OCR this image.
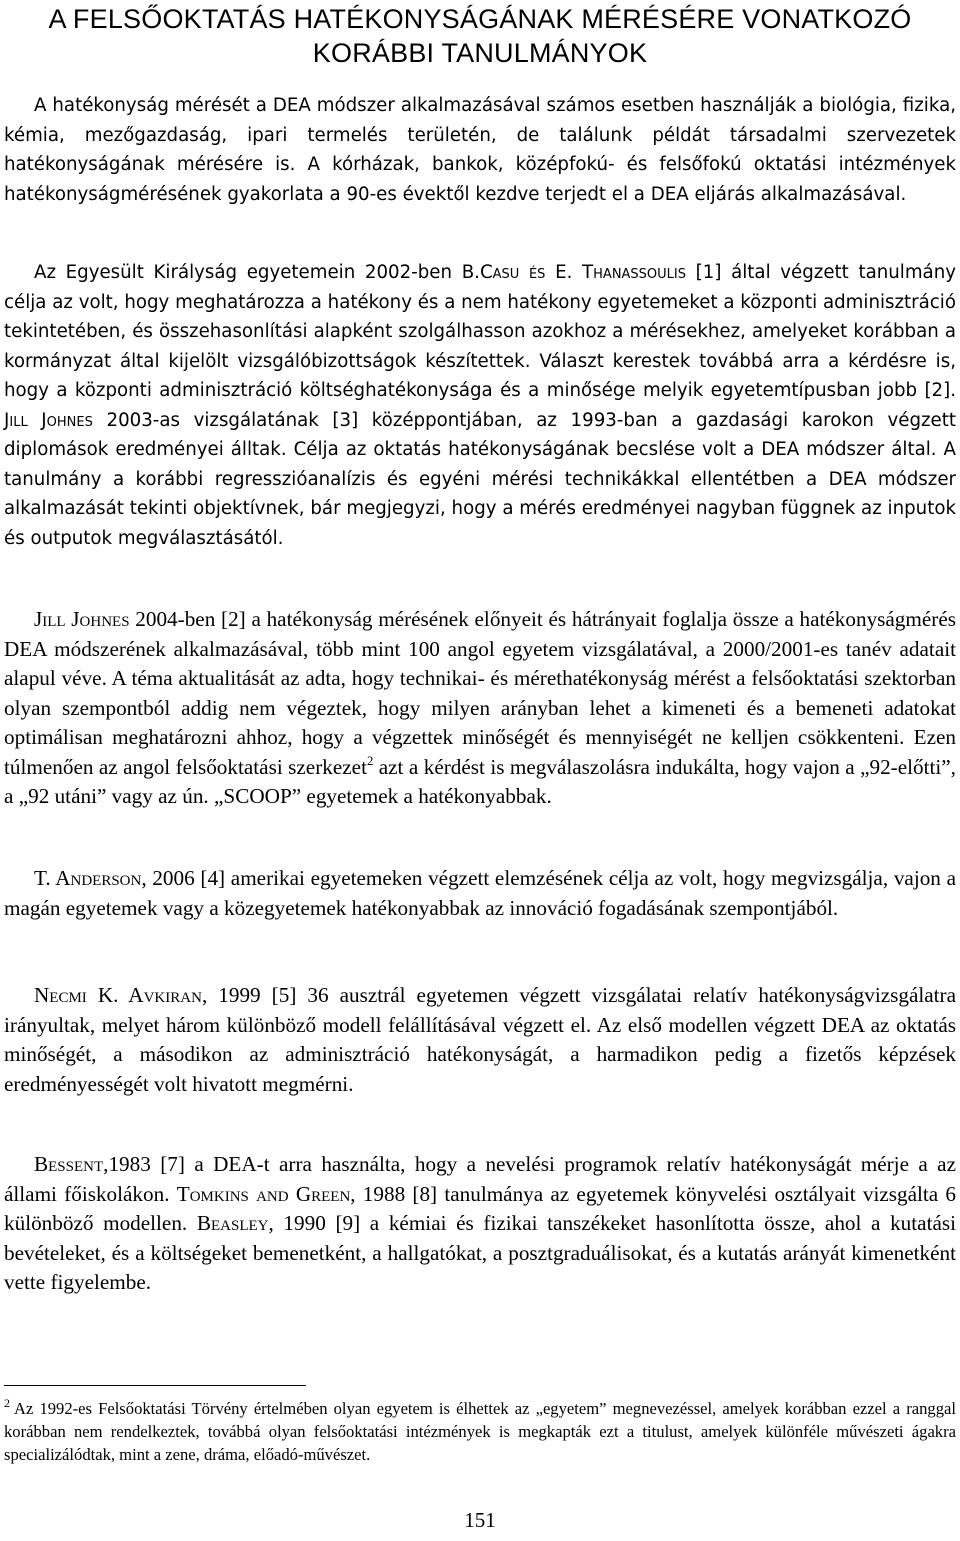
A FELSŐOKTATÁS HATÉKONYSÁGÁNAK MÉRÉSÉRE VONATKOZÓ
KORÁBBI TANULMÁNYOK

A hatékonyság mérését a DEA módszer alkalmazásával számos esetben használják a biológia, fizika, kémia, mezőgazdaság, ipari termelés területén, de találunk példát társadalmi szervezetek hatékonyságának mérésére is. A kórházak, bankok, középfokú- és felsőfokú oktatási intézmények hatékonyságmérésének gyakorlata a 90-es évektől kezdve terjedt el a DEA eljárás alkalmazásával.

Az Egyesült Királyság egyetemein 2002-ben B.Casu és E. Thanassoulis [1] által végzett tanulmány célja az volt, hogy meghatározza a hatékony és a nem hatékony egyetemeket a központi adminisztráció tekintetében, és összehasonlítási alapként szolgálhasson azokhoz a mérésekhez, amelyeket korábban a kormányzat által kijelölt vizsgálóbizottságok készítettek. Választ kerestek továbbá arra a kérdésre is, hogy a központi adminisztráció költséghatékonysága és a minősége melyik egyetemtípusban jobb [2]. Jill Johnes 2003-as vizsgálatának [3] középpontjában, az 1993-ban a gazdasági karokon végzett diplomások eredményei álltak. Célja az oktatás hatékonyságának becslése volt a DEA módszer által. A tanulmány a korábbi regresszióanalízis és egyéni mérési technikákkal ellentétben a DEA módszer alkalmazását tekinti objektívnek, bár megjegyzi, hogy a mérés eredményei nagyban függnek az inputok és outputok megválasztásától.

Jill Johnes 2004-ben [2] a hatékonyság mérésének előnyeit és hátrányait foglalja össze a hatékonyságmérés DEA módszerének alkalmazásával, több mint 100 angol egyetem vizsgálatával, a 2000/2001-es tanév adatait alapul véve. A téma aktualitását az adta, hogy technikai- és mérethatékonyság mérést a felsőoktatási szektorban olyan szempontból addig nem végeztek, hogy milyen arányban lehet a kimeneti és a bemeneti adatokat optimálisan meghatározni ahhoz, hogy a végzettek minőségét és mennyiségét ne kelljen csökkenteni. Ezen túlmenően az angol felsőoktatási szerkezet$^2$ azt a kérdést is megválaszolásra indukálta, hogy vajon a „92-előtti”, a „92 utáni” vagy az ún. „SCOOP” egyetemek a hatékonyabbak.

T. Anderson, 2006 [4] amerikai egyetemeken végzett elemzésének célja az volt, hogy megvizsgálja, vajon a magán egyetemek vagy a közegyetemek hatékonyabbak az innováció fogadásának szempontjából.

Necmi K. Avkiran, 1999 [5] 36 ausztrál egyetemen végzett vizsgálatai relatív hatékonyságvizsgálatra irányultak, melyet három különböző modell felállításával végzett el. Az első modellen végzett DEA az oktatás minőségét, a másodikon az adminisztráció hatékonyságát, a harmadikon pedig a fizetős képzések eredményességét volt hivatott megmérni.

Bessent,1983 [7] a DEA-t arra használta, hogy a nevelési programok relatív hatékonyságát mérje a az állami főiskolákon. Tomkins and Green, 1988 [8] tanulmánya az egyetemek könyvelési osztályait vizsgálta 6 különböző modellen. Beasley, 1990 [9] a kémiai és fizikai tanszékeket hasonlította össze, ahol a kutatási bevételeket, és a költségeket bemenetként, a hallgatókat, a posztgraduálisokat, és a kutatás arányát kimenetként vette figyelembe.

$^2$ Az 1992-es Felsőoktatási Törvény értelmében olyan egyetem is élhettek az „egyetem” megnevezéssel, amelyek korábban ezzel a ranggal korábban nem rendelkeztek, továbbá olyan felsőoktatási intézmények is megkapták ezt a titulust, amelyek különféle művészeti ágakra specializálódtak, mint a zene, dráma, előadó-művészet.

151
